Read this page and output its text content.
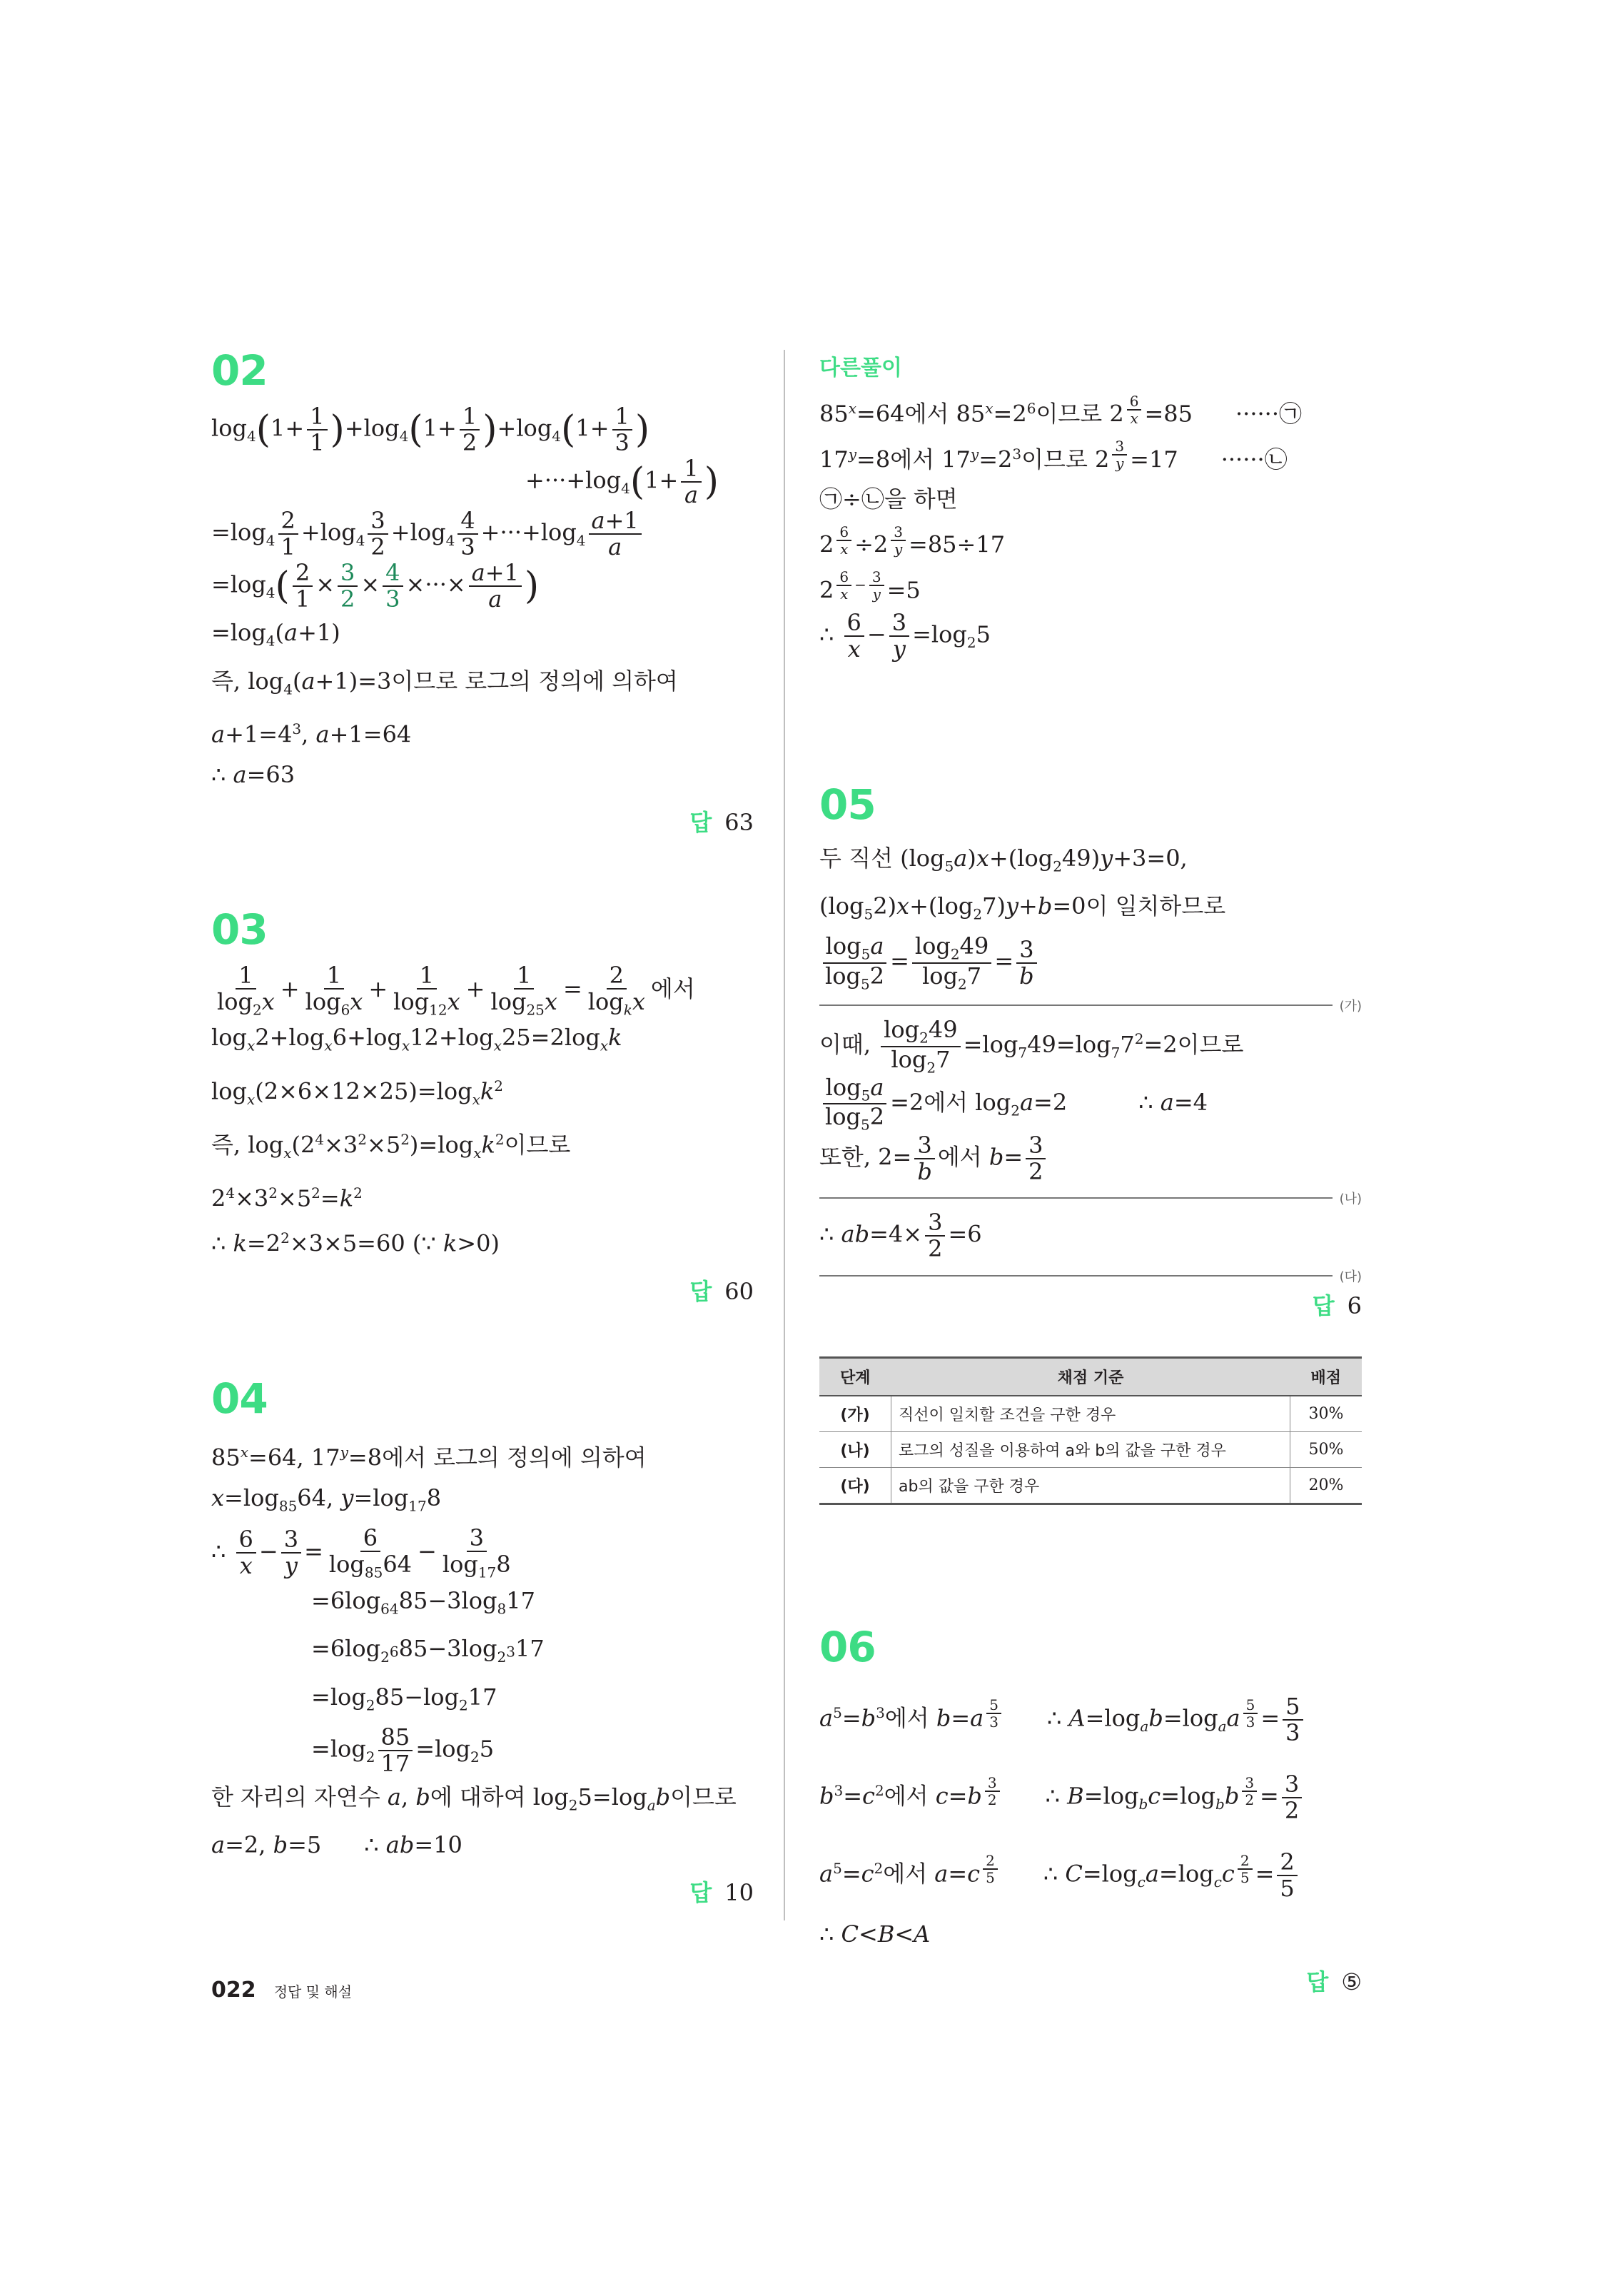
02
$\log_4(1+ \frac{1}{1} )+\log_4(1+ \frac{1}{2} )+\log_4(1+ \frac{1}{3}$ )
$+\cdot\cdot\cdot+\log_4(1+ \frac{1}{a}$ )
$=\log_4 \frac{2}{1} +\log_4 \frac{3}{2} +\log_4 \frac{4}{3} +\cdot\cdot\cdot+\log_4 \frac{a+1}{a}$
$=\log_4( \frac{2}{1} \times \frac{3}{2} \times \frac{4}{3}$ ×···× $\frac{a+1}{a}$ )
$=\log_4(a+1)$
즉, $\log_4(a+1)=3$이므로 로그의 정의에 의하여
$a+1=4^3$, a+1=64
∴ a=63
답 63
03
$\frac{1}{\log_2x} + \frac{1}{\log_6x} + \frac{1}{\log_{12}x} + \frac{1}{\log_{25}x} = \frac{2}{\log_kx}$ 에서
$\log_x2+\log_x6+\log_x12+\log_x25=2\log_xk$
$\log_x(2\times 6\times 12\times 25)=\log_xk^2$
즉, $\log_x(2^4\times 3^2\times 5^2)=\log_xk^2$이므로
$2^4\times 3^2\times 5^2=k^2$
∴ $k=2^2\times 3\times 5=60$ (∵ k>0)
답 60
04
$85^x=64$, $17^y=8$에서 로그의 정의에 의하여
$x=\log_{85}64$, $y=\log_{17}8$
∴ $\frac{6}{x} - \frac{3}{y} = \frac{6}{\log_{85}64} - \frac{3}{\log_{17}8}$
$=6\log_{64}85-3\log_817$
$=6\log_{2^6}85-3\log_{2^3}17$
$=\log_285-\log_217$
$=\log_2 \frac{85}{17} =\log_25$
한 자리의 자연수 a, b에 대하여 $\log_25=\log_ab$이므로
a=2, b=5 ∴ ab=10
답 10
다른풀이
$85^x=64$에서 $85^x=2^6$이므로 2 $^{\frac{6}{x}}$ =85 ······㉠
$17^y=8$에서 $17^y=2^3$이므로 2 $^{\frac{3}{y}}$ =17 ······㉡
㉠÷㉡을 하면
2 $^{\frac{6}{x}}$ ÷2 $^{\frac{3}{y}}$ =85÷17
2 $^{\frac{6}{x} - \frac{3}{y}}$ =5
∴ $\frac{6}{x} - \frac{3}{y} =\log_25$
05
두 직선 $(\log_5a)x+(\log_249)y+3=0$,
$(\log_52)x+(\log_27)y+b=0$이 일치하므로
$\frac{\log_5a}{\log_52} = \frac{\log_249}{\log_27} = \frac{3}{b}$
(가)
이때, $\frac{\log_249}{\log_27} =\log_749=\log_77^2=2$이므로
$\frac{\log_5a}{\log_52} =2$에서 $\log_2a=2$	∴ a=4
또한, $2= \frac{3}{b}$ 에서 $b= \frac{3}{2}$
(나)
∴ $ab=4\times \frac{3}{2} =6$
(다)
답 6
단계	채점 기준	배점
(가)	직선이 일치할 조건을 구한 경우	30%
(나)	로그의 성질을 이용하여 a와 b의 값을 구한 경우	50%
(다)	ab의 값을 구한 경우	20%
06
$a^5=b^3$에서 b=a $^{\frac{5}{3}}$ ∴ $A=\log_ab=\log_aa$ $^{\frac{5}{3}} = \frac{5}{3}$
$b^3=c^2$에서 c=b $^{\frac{3}{2}}$ ∴ $B=\log_bc=\log_bb$ $^{\frac{3}{2}} = \frac{3}{2}$
$a^5=c^2$에서 a=c $^{\frac{2}{5}}$ ∴ $C=\log_ca=\log_cc$ $^{\frac{2}{5}} = \frac{2}{5}$
∴ C<B<A
답 ⑤
022 정답 및 해설
